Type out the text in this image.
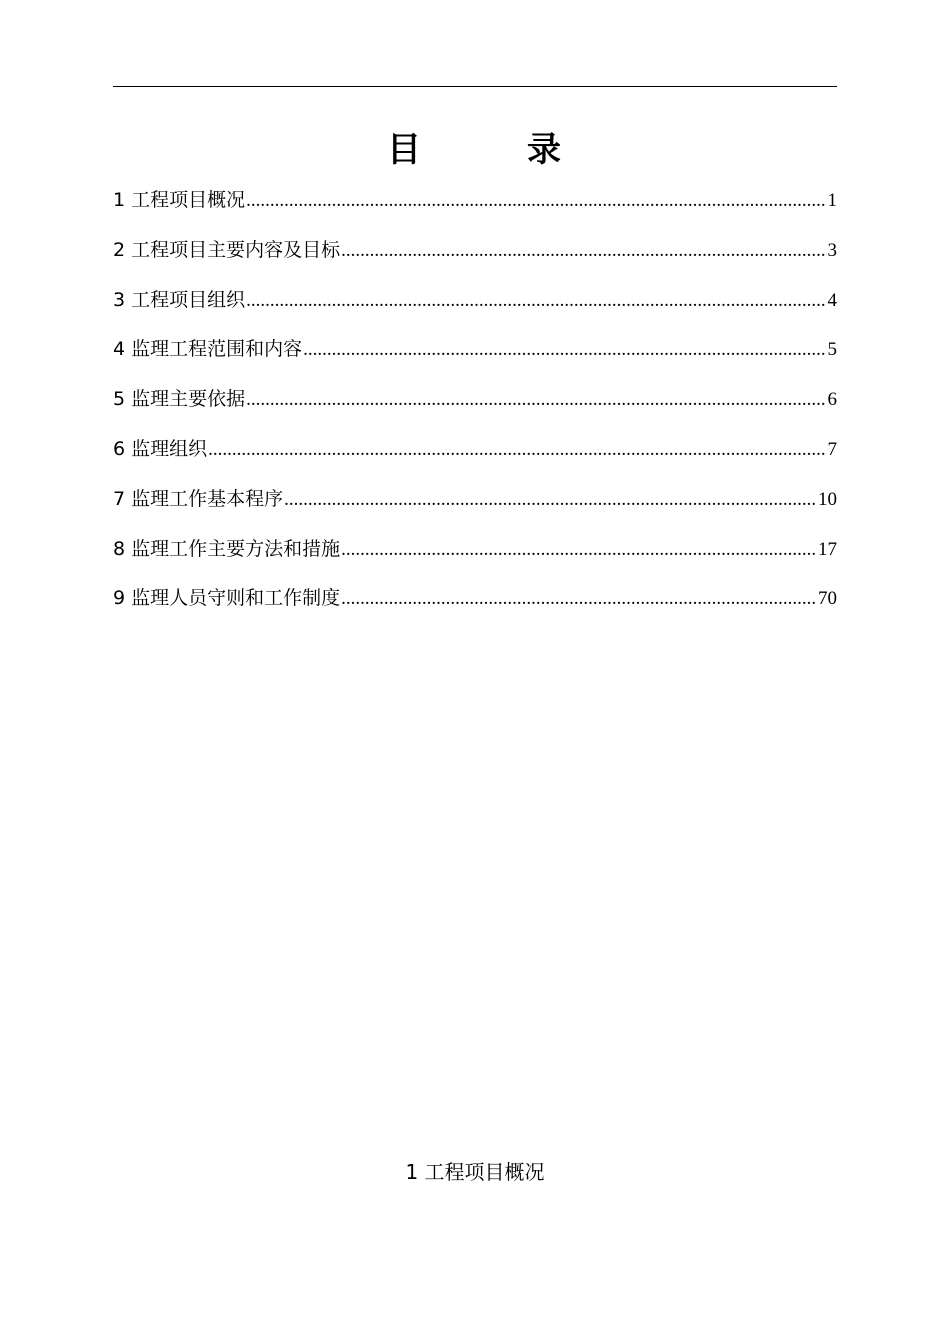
目	录
1 工程项目概况 .....	1
2 工程项目主要内容及目标 .....	3
3 工程项目组织 .....	4
4 监理工程范围和内容 .....	5
5 监理主要依据 .....	6
6 监理组织 .....	7
7 监理工作基本程序 .....	10
8 监理工作主要方法和措施 .....	17
9 监理人员守则和工作制度 .....	70
1 工程项目概况
